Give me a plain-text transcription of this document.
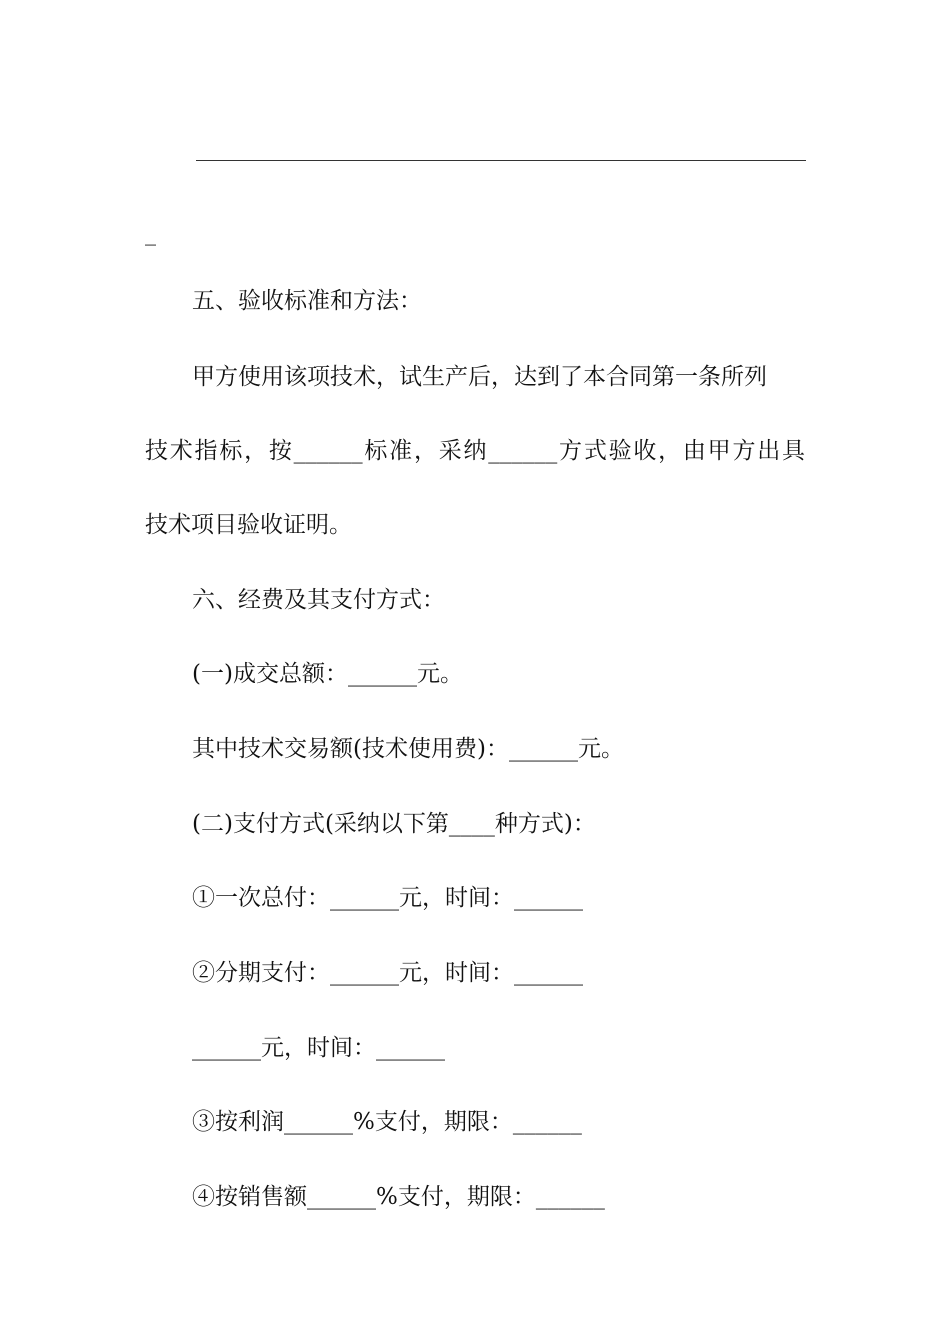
_
五、验收标准和方法：
甲方使用该项技术，试生产后，达到了本合同第一条所列
技术指标，按______标准，采纳______方式验收，由甲方出具
技术项目验收证明。
六、经费及其支付方式：
(一)成交总额：______元。
其中技术交易额(技术使用费)：______元。
(二)支付方式(采纳以下第____种方式)：
①一次总付：______元，时间：______
②分期支付：______元，时间：______
______元，时间：______
③按利润______%支付，期限：______
④按销售额______%支付，期限：______
